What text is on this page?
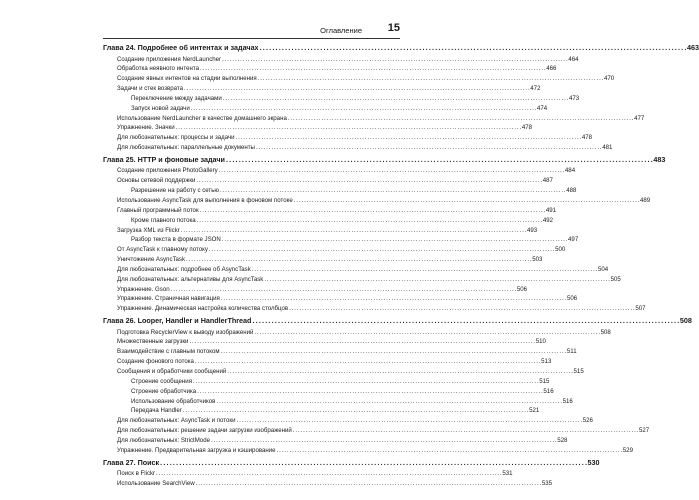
Оглавление 15
Глава 24. Подробнее об интентах и задачах . . .	463
Создание приложения NerdLauncher . . .	464
Обработка неявного интента . . .	466
Создание явных интентов на стадии выполнения . . .	470
Задачи и стек возврата . . .	472
Переключение между задачами . . .	473
Запуск новой задачи . . .	474
Использование NerdLauncher в качестве домашнего экрана . . .	477
Упражнение. Значки . . .	478
Для любознательных: процессы и задачи . . .	478
Для любознательных: параллельные документы . . .	481
Глава 25. HTTP и фоновые задачи . . .	483
Создание приложения PhotoGallery . . .	484
Основы сетевой поддержки . . .	487
Разрешение на работу с сетью . . .	488
Использование AsyncTask для выполнения в фоновом потоке . . .	489
Главный программный поток . . .	491
Кроме главного потока . . .	492
Загрузка XML из Flickr . . .	493
Разбор текста в формате JSON . . .	497
От AsyncTask к главному потоку . . .	500
Уничтожение AsyncTask . . .	503
Для любознательных: подробнее об AsyncTask . . .	504
Для любознательных: альтернативы для AsyncTask . . .	505
Упражнение. Gson . . .	506
Упражнение. Страничная навигация . . .	506
Упражнение. Динамическая настройка количества столбцов . . .	507
Глава 26. Looper, Handler и HandlerThread . . .	508
Подготовка RecyclerView к выводу изображений . . .	508
Множественные загрузки . . .	510
Взаимодействие с главным потоком . . .	511
Создание фонового потока . . .	513
Сообщения и обработчики сообщений . . .	515
Строение сообщения . . .	515
Строение обработчика . . .	516
Использование обработчиков . . .	516
Передача Handler . . .	521
Для любознательных: AsyncTask и потоки . . .	526
Для любознательных: решение задачи загрузки изображений . . .	527
Для любознательных: StrictMode . . .	528
Упражнение. Предварительная загрузка и кэширование . . .	529
Глава 27. Поиск . . .	530
Поиск в Flickr . . .	531
Использование SearchView . . .	535
